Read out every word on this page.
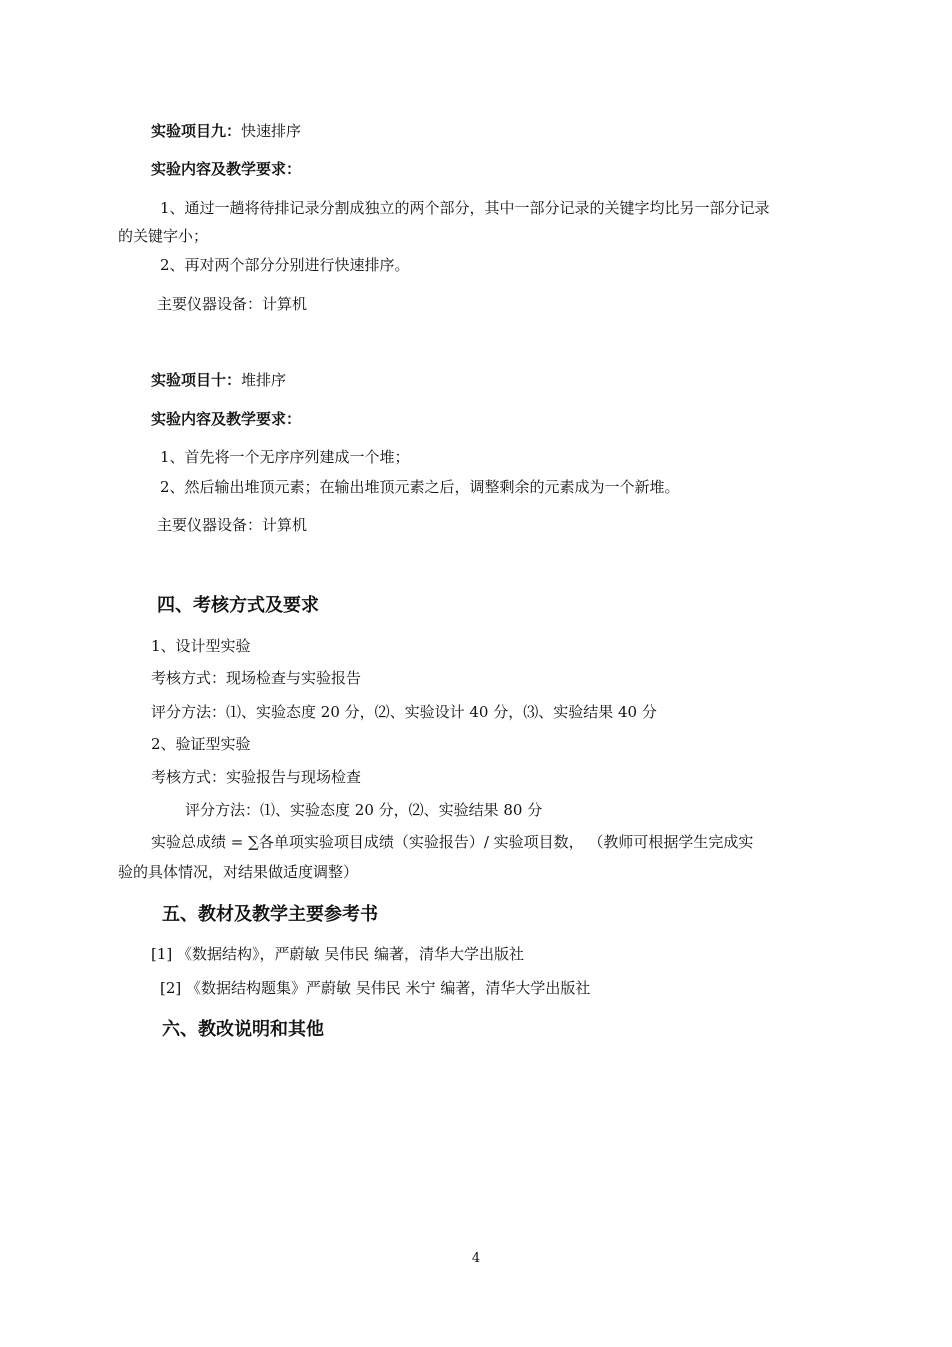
实验项目九：快速排序
实验内容及教学要求：
1、通过一趟将待排记录分割成独立的两个部分，其中一部分记录的关键字均比另一部分记录
的关键字小；
2、再对两个部分分别进行快速排序。
主要仪器设备：计算机
实验项目十：堆排序
实验内容及教学要求：
1、首先将一个无序序列建成一个堆；
2、然后输出堆顶元素；在输出堆顶元素之后，调整剩余的元素成为一个新堆。
主要仪器设备：计算机
四、考核方式及要求
1、设计型实验
考核方式：现场检查与实验报告
评分方法：⑴、实验态度 20 分，⑵、实验设计 40 分，⑶、实验结果 40 分
2、验证型实验
考核方式：实验报告与现场检查
评分方法：⑴、实验态度 20 分，⑵、实验结果 80 分
实验总成绩 = ∑各单项实验项目成绩（实验报告）/ 实验项目数， （教师可根据学生完成实
验的具体情况，对结果做适度调整）
五、教材及教学主要参考书
[1] 《数据结构》，严蔚敏 吴伟民 编著，清华大学出版社
[2] 《数据结构题集》严蔚敏 吴伟民 米宁 编著，清华大学出版社
六、教改说明和其他
4
